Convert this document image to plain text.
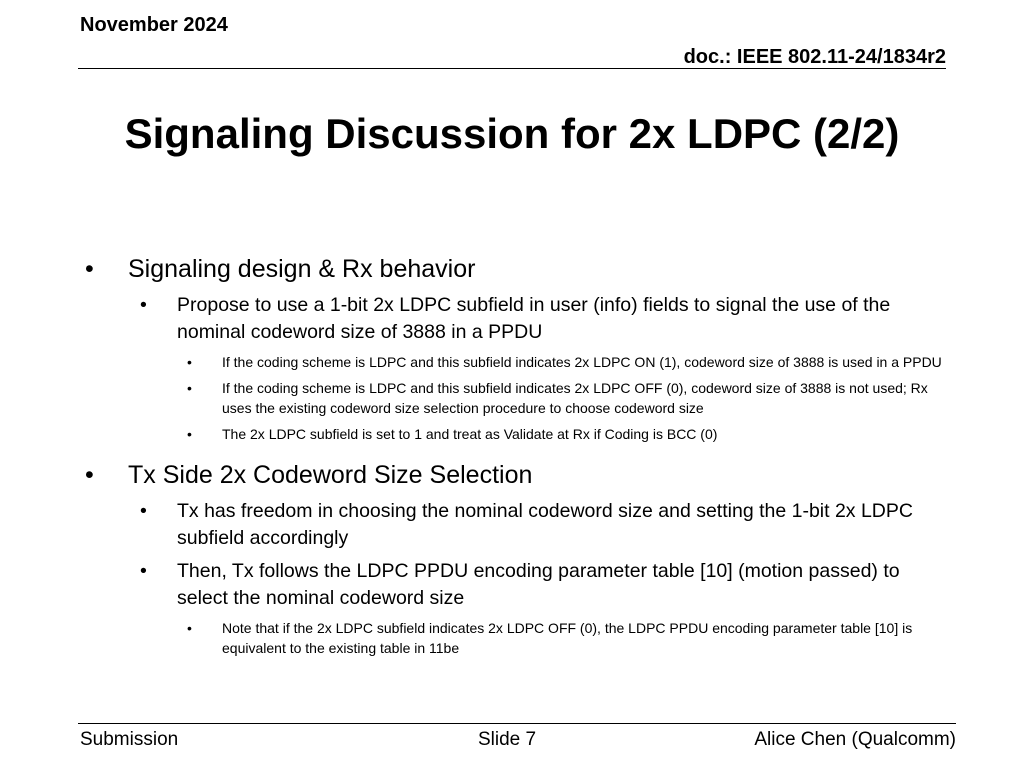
November 2024
doc.: IEEE 802.11-24/1834r2
Signaling Discussion for 2x LDPC (2/2)
• Signaling design & Rx behavior
• Propose to use a 1-bit 2x LDPC subfield in user (info) fields to signal the use of the nominal codeword size of 3888 in a PPDU
• If the coding scheme is LDPC and this subfield indicates 2x LDPC ON (1), codeword size of 3888 is used in a PPDU
• If the coding scheme is LDPC and this subfield indicates 2x LDPC OFF (0), codeword size of 3888 is not used; Rx uses the existing codeword size selection procedure to choose codeword size
• The 2x LDPC subfield is set to 1 and treat as Validate at Rx if Coding is BCC (0)
• Tx Side 2x Codeword Size Selection
• Tx has freedom in choosing the nominal codeword size and setting the 1-bit 2x LDPC subfield accordingly
• Then, Tx follows the LDPC PPDU encoding parameter table [10] (motion passed) to select the nominal codeword size
• Note that if the 2x LDPC subfield indicates 2x LDPC OFF (0), the LDPC PPDU encoding parameter table [10] is equivalent to the existing table in 11be
Submission	Slide 7	Alice Chen (Qualcomm)
